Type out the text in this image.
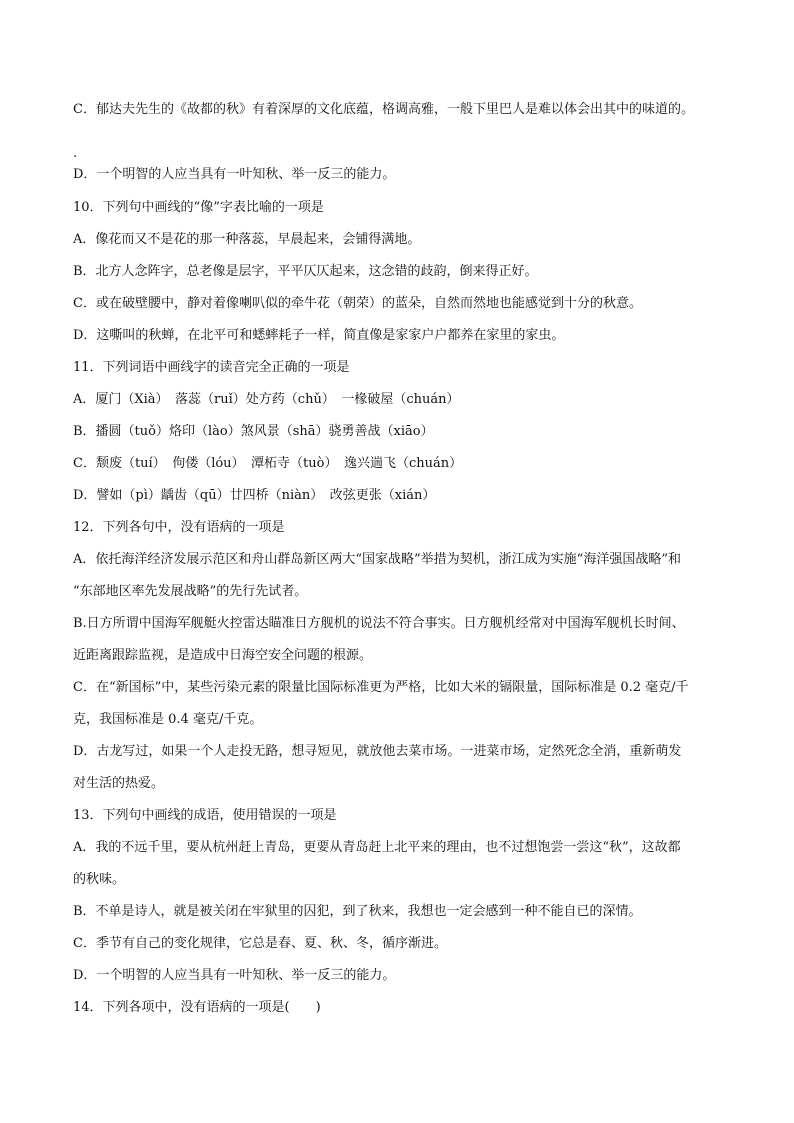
C．郁达夫先生的《故都的秋》有着深厚的文化底蕴，格调高雅，一般下里巴人是难以体会出其中的味道的。
.
D．一个明智的人应当具有一叶知秋、举一反三的能力。
10．下列句中画线的“像”字表比喻的一项是
A．像花而又不是花的那一种落蕊，早晨起来，会铺得满地。
B．北方人念阵字，总老像是层字，平平仄仄起来，这念错的歧韵，倒来得正好。
C．或在破壁腰中，静对着像喇叭似的牵牛花（朝荣）的蓝朵，自然而然地也能感觉到十分的秋意。
D．这嘶叫的秋蝉，在北平可和蟋蟀耗子一样，简直像是家家户户都养在家里的家虫。
11．下列词语中画线字的读音完全正确的一项是
A．厦门（Xià）　落蕊（ruǐ）处方药（chǔ）　一椽破屋（chuán）
B．播圆（tuǒ）烙印（lào）煞风景（shā）骁勇善战（xiāo）
C．颓废（tuí）　佝偻（lóu）　潭柘寺（tuò）　逸兴遄飞（chuán）
D．譬如（pì）龋齿（qū）廿四桥（niàn）　改弦更张（xián）
12．下列各句中，没有语病的一项是
A．依托海洋经济发展示范区和舟山群岛新区两大“国家战略”举措为契机，浙江成为实施“海洋强国战略”和
“东部地区率先发展战略”的先行先试者。
B.日方所谓中国海军舰艇火控雷达瞄准日方舰机的说法不符合事实。日方舰机经常对中国海军舰机长时间、
近距离跟踪监视，是造成中日海空安全问题的根源。
C．在“新国标”中，某些污染元素的限量比国际标准更为严格，比如大米的镉限量，国际标准是 0.2 毫克/千
克，我国标准是 0.4 毫克/千克。
D．古龙写过，如果一个人走投无路，想寻短见，就放他去菜市场。一进菜市场，定然死念全消，重新萌发
对生活的热爱。
13．下列句中画线的成语，使用错误的一项是
A．我的不远千里，要从杭州赶上青岛，更要从青岛赶上北平来的理由，也不过想饱尝一尝这“秋”，这故都
的秋味。
B．不单是诗人，就是被关闭在牢狱里的囚犯，到了秋来，我想也一定会感到一种不能自已的深情。
C．季节有自己的变化规律，它总是春、夏、秋、冬，循序渐进。
D．一个明智的人应当具有一叶知秋、举一反三的能力。
14．下列各项中，没有语病的一项是(　　)
